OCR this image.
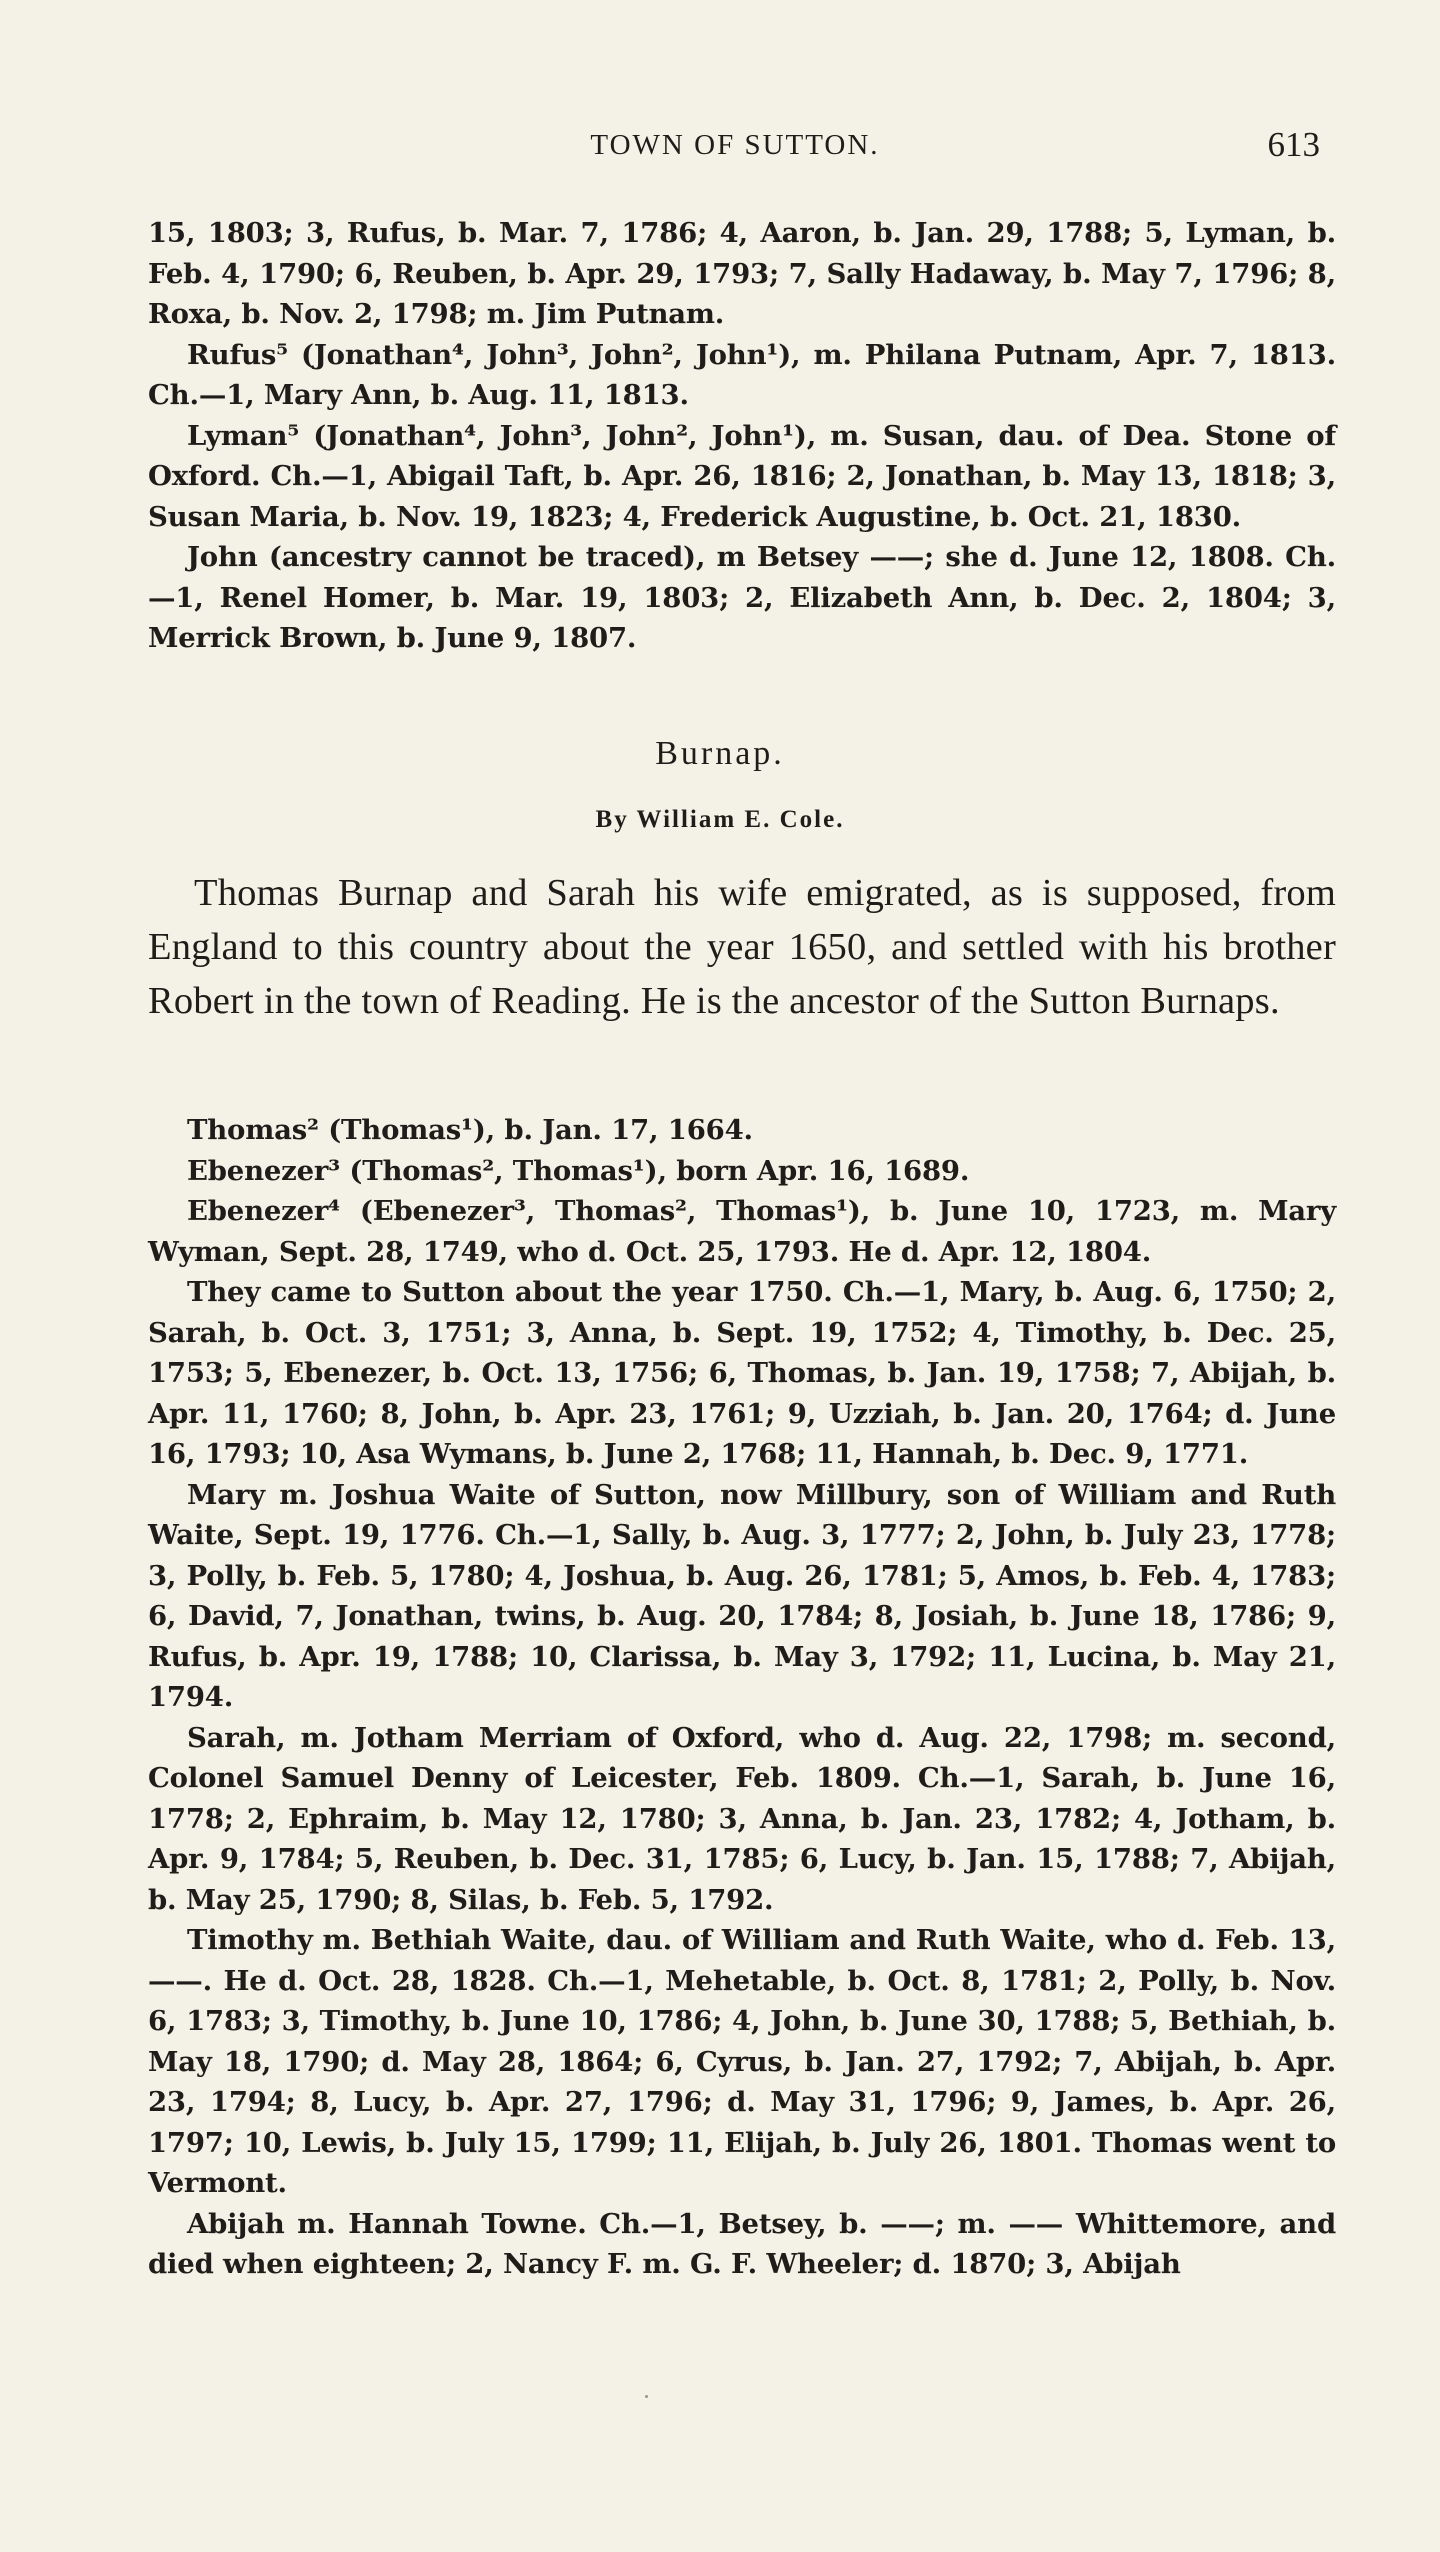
TOWN OF SUTTON.	613

15, 1803; 3, Rufus, b. Mar. 7, 1786; 4, Aaron, b. Jan. 29, 1788; 5, Lyman, b. Feb. 4, 1790; 6, Reuben, b. Apr. 29, 1793; 7, Sally Hadaway, b. May 7, 1796; 8, Roxa, b. Nov. 2, 1798; m. Jim Putnam.

Rufus⁵ (Jonathan⁴, John³, John², John¹), m. Philana Putnam, Apr. 7, 1813. Ch.—1, Mary Ann, b. Aug. 11, 1813.

Lyman⁵ (Jonathan⁴, John³, John², John¹), m. Susan, dau. of Dea. Stone of Oxford. Ch.—1, Abigail Taft, b. Apr. 26, 1816; 2, Jonathan, b. May 13, 1818; 3, Susan Maria, b. Nov. 19, 1823; 4, Frederick Augustine, b. Oct. 21, 1830.

John (ancestry cannot be traced), m Betsey ——; she d. June 12, 1808. Ch.—1, Renel Homer, b. Mar. 19, 1803; 2, Elizabeth Ann, b. Dec. 2, 1804; 3, Merrick Brown, b. June 9, 1807.

Burnap.
By William E. Cole.

Thomas Burnap and Sarah his wife emigrated, as is supposed, from England to this country about the year 1650, and settled with his brother Robert in the town of Reading. He is the ancestor of the Sutton Burnaps.

Thomas² (Thomas¹), b. Jan. 17, 1664.

Ebenezer³ (Thomas², Thomas¹), born Apr. 16, 1689.

Ebenezer⁴ (Ebenezer³, Thomas², Thomas¹), b. June 10, 1723, m. Mary Wyman, Sept. 28, 1749, who d. Oct. 25, 1793. He d. Apr. 12, 1804.

They came to Sutton about the year 1750. Ch.—1, Mary, b. Aug. 6, 1750; 2, Sarah, b. Oct. 3, 1751; 3, Anna, b. Sept. 19, 1752; 4, Timothy, b. Dec. 25, 1753; 5, Ebenezer, b. Oct. 13, 1756; 6, Thomas, b. Jan. 19, 1758; 7, Abijah, b. Apr. 11, 1760; 8, John, b. Apr. 23, 1761; 9, Uzziah, b. Jan. 20, 1764; d. June 16, 1793; 10, Asa Wymans, b. June 2, 1768; 11, Hannah, b. Dec. 9, 1771.

Mary m. Joshua Waite of Sutton, now Millbury, son of William and Ruth Waite, Sept. 19, 1776. Ch.—1, Sally, b. Aug. 3, 1777; 2, John, b. July 23, 1778; 3, Polly, b. Feb. 5, 1780; 4, Joshua, b. Aug. 26, 1781; 5, Amos, b. Feb. 4, 1783; 6, David, 7, Jonathan, twins, b. Aug. 20, 1784; 8, Josiah, b. June 18, 1786; 9, Rufus, b. Apr. 19, 1788; 10, Clarissa, b. May 3, 1792; 11, Lucina, b. May 21, 1794.

Sarah, m. Jotham Merriam of Oxford, who d. Aug. 22, 1798; m. second, Colonel Samuel Denny of Leicester, Feb. 1809. Ch.—1, Sarah, b. June 16, 1778; 2, Ephraim, b. May 12, 1780; 3, Anna, b. Jan. 23, 1782; 4, Jotham, b. Apr. 9, 1784; 5, Reuben, b. Dec. 31, 1785; 6, Lucy, b. Jan. 15, 1788; 7, Abijah, b. May 25, 1790; 8, Silas, b. Feb. 5, 1792.

Timothy m. Bethiah Waite, dau. of William and Ruth Waite, who d. Feb. 13, ——. He d. Oct. 28, 1828. Ch.—1, Mehetable, b. Oct. 8, 1781; 2, Polly, b. Nov. 6, 1783; 3, Timothy, b. June 10, 1786; 4, John, b. June 30, 1788; 5, Bethiah, b. May 18, 1790; d. May 28, 1864; 6, Cyrus, b. Jan. 27, 1792; 7, Abijah, b. Apr. 23, 1794; 8, Lucy, b. Apr. 27, 1796; d. May 31, 1796; 9, James, b. Apr. 26, 1797; 10, Lewis, b. July 15, 1799; 11, Elijah, b. July 26, 1801. Thomas went to Vermont.

Abijah m. Hannah Towne. Ch.—1, Betsey, b. ——; m. —— Whittemore, and died when eighteen; 2, Nancy F. m. G. F. Wheeler; d. 1870; 3, Abijah
